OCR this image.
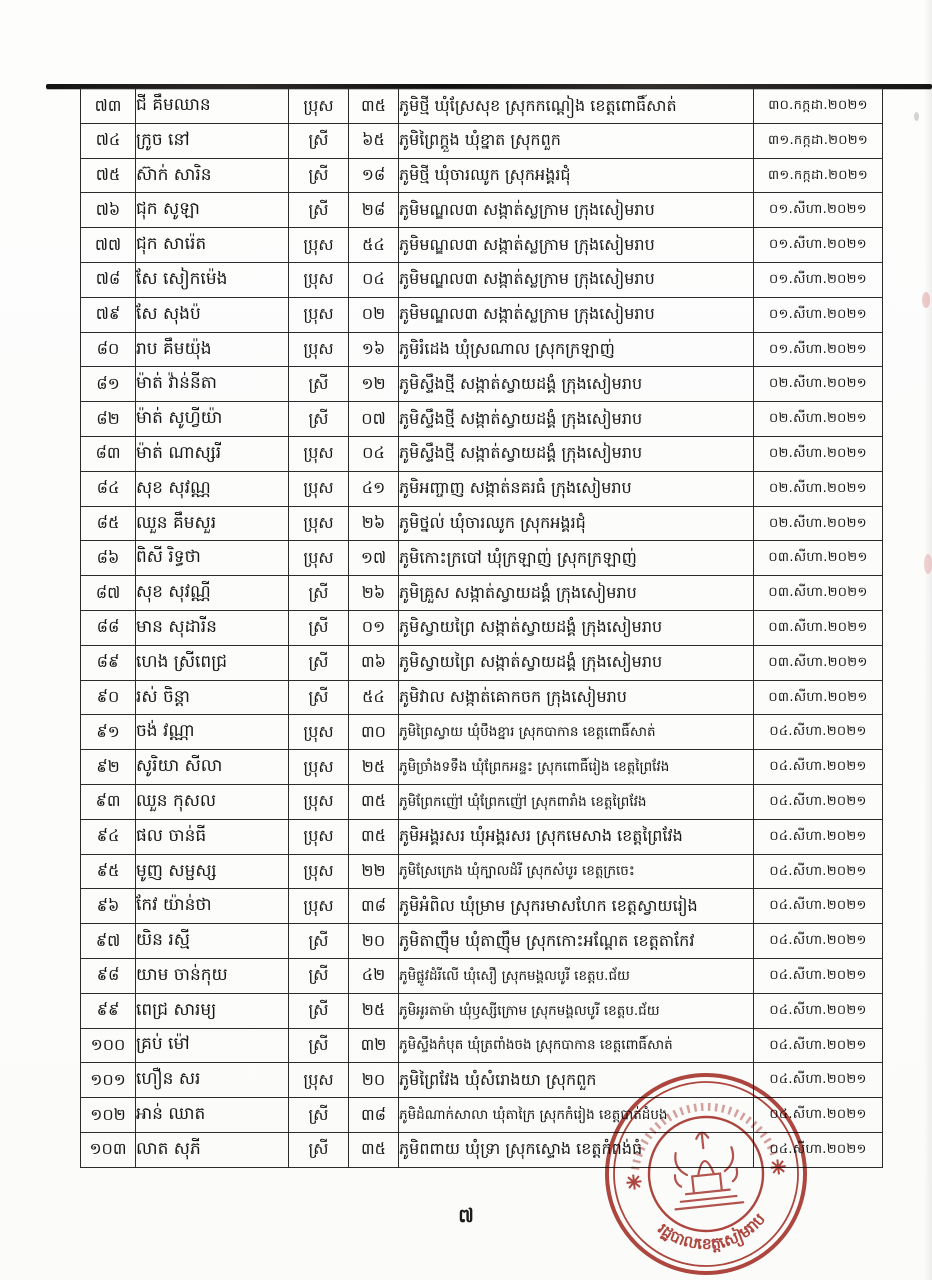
៧៣	ជី គឹមឈាន	ប្រុស	៣៥	ភូមិថ្មី ឃុំស្រែសុខ ស្រុកកណ្តៀង ខេត្តពោធិ៍សាត់	៣០.កក្កដា.២០២១
៧៤	ក្រូច នៅ	ស្រី	៦៥	ភូមិព្រៃក្តួង ឃុំខ្នាត ស្រុកពួក	៣១.កក្កដា.២០២១
៧៥	ស៊ាក់ សារិន	ស្រី	១៨	ភូមិថ្មី ឃុំចារឈូក ស្រុកអង្គរជុំ	៣១.កក្កដា.២០២១
៧៦	ជុក សូឡា	ស្រី	២៨	ភូមិមណ្ឌល៣ សង្កាត់ស្លក្រាម ក្រុងសៀមរាប	០១.សីហា.២០២១
៧៧	ជុក សារ៉េត	ប្រុស	៥៤	ភូមិមណ្ឌល៣ សង្កាត់ស្លក្រាម ក្រុងសៀមរាប	០១.សីហា.២០២១
៧៨	សែ សៀកម៉េង	ប្រុស	០៤	ភូមិមណ្ឌល៣ សង្កាត់ស្លក្រាម ក្រុងសៀមរាប	០១.សីហា.២០២១
៧៩	សែ សុងប៉	ប្រុស	០២	ភូមិមណ្ឌល៣ សង្កាត់ស្លក្រាម ក្រុងសៀមរាប	០១.សីហា.២០២១
៨០	រាប គឹមយ៉ុង	ប្រុស	១៦	ភូមិរំដេង ឃុំស្រណាល ស្រុកក្រឡាញ់	០១.សីហា.២០២១
៨១	ម៉ាត់ វ៉ាន់នីតា	ស្រី	១២	ភូមិស្ទឹងថ្មី សង្កាត់ស្វាយដង្គំ ក្រុងសៀមរាប	០២.សីហា.២០២១
៨២	ម៉ាត់ សូហ្វីយ៉ា	ស្រី	០៧	ភូមិស្ទឹងថ្មី សង្កាត់ស្វាយដង្គំ ក្រុងសៀមរាប	០២.សីហា.២០២១
៨៣	ម៉ាត់ ណាស្សរី	ប្រុស	០៤	ភូមិស្ទឹងថ្មី សង្កាត់ស្វាយដង្គំ ក្រុងសៀមរាប	០២.សីហា.២០២១
៨៤	សុខ សុវណ្ណ	ប្រុស	៤១	ភូមិអញ្ចាញ សង្កាត់នគរធំ ក្រុងសៀមរាប	០២.សីហា.២០២១
៨៥	ឈួន គឹមសួរ	ប្រុស	២៦	ភូមិថ្នល់ ឃុំចារឈូក ស្រុកអង្គរជុំ	០២.សីហា.២០២១
៨៦	ពិសី រិទ្ធថា	ប្រុស	១៧	ភូមិកោះក្របៅ ឃុំក្រឡាញ់ ស្រុកក្រឡាញ់	០៣.សីហា.២០២១
៨៧	សុខ សុវណ្ណី	ស្រី	២៦	ភូមិគ្រួស សង្កាត់ស្វាយដង្គំ ក្រុងសៀមរាប	០៣.សីហា.២០២១
៨៨	មាន សុដារីន	ស្រី	០១	ភូមិស្វាយព្រៃ សង្កាត់ស្វាយដង្គំ ក្រុងសៀមរាប	០៣.សីហា.២០២១
៨៩	ហេង ស្រីពេជ្រ	ស្រី	៣៦	ភូមិស្វាយព្រៃ សង្កាត់ស្វាយដង្គំ ក្រុងសៀមរាប	០៣.សីហា.២០២១
៩០	រស់ ចិន្តា	ស្រី	៥៤	ភូមិវាល សង្កាត់គោកចក ក្រុងសៀមរាប	០៣.សីហា.២០២១
៩១	ចង់ វណ្ណា	ប្រុស	៣០	ភូមិព្រៃស្វាយ ឃុំបឹងខ្នារ ស្រុកបាកាន ខេត្តពោធិ៍សាត់	០៤.សីហា.២០២១
៩២	សូរិយា សីលា	ប្រុស	២៥	ភូមិច្រាំងទទឹង ឃុំព្រែកអន្ទះ ស្រុកពោធិ៍រៀង ខេត្តព្រៃវែង	០៤.សីហា.២០២១
៩៣	ឈួន កុសល	ប្រុស	៣៥	ភូមិព្រែកញ៉ៅ ឃុំព្រែកញ៉ៅ ស្រុកពារាំង ខេត្តព្រៃវែង	០៤.សីហា.២០២១
៩៤	ផល ចាន់ធី	ប្រុស	៣៥	ភូមិអង្គរសរ ឃុំអង្គរសរ ស្រុកមេសាង ខេត្តព្រៃវែង	០៤.សីហា.២០២១
៩៥	មូញ សម្ផស្ស	ប្រុស	២២	ភូមិស្រែក្រេង ឃុំក្បាលដំរី ស្រុកសំបូរ ខេត្តក្រចេះ	០៤.សីហា.២០២១
៩៦	កែវ យ៉ាន់ថា	ប្រុស	៣៨	ភូមិអំពិល ឃុំម្រាម ស្រុករមាសហែក ខេត្តស្វាយរៀង	០៤.សីហា.២០២១
៩៧	យិន រស្មី	ស្រី	២០	ភូមិតាញ៉ឹម ឃុំតាញ៉ឹម ស្រុកកោះអណ្តែត ខេត្តតាកែវ	០៤.សីហា.២០២១
៩៨	យាម ចាន់កុយ	ស្រី	៤២	ភូមិផ្លូវដំរីលើ ឃុំសឿ ស្រុកមង្គលបូរី ខេត្តប.ជ័យ	០៤.សីហា.២០២១
៩៩	ពេជ្រ សារម្យ	ស្រី	២៥	ភូមិអូរតាម៉ា ឃុំឫស្សីក្រោម ស្រុកមង្គលបូរី ខេត្តប.ជ័យ	០៤.សីហា.២០២១
១០០	គ្រប់ ម៉ៅ	ស្រី	៣២	ភូមិស្ទឹងកំបុត ឃុំត្រពាំងចង ស្រុកបាកាន ខេត្តពោធិ៍សាត់	០៤.សីហា.២០២១
១០១	ហឿន សរ	ប្រុស	២០	ភូមិព្រៃវែង ឃុំសំរោងយា ស្រុកពួក	០៤.សីហា.២០២១
១០២	អាន់ ឈាត	ស្រី	៣៨	ភូមិដំណាក់សាលា ឃុំតាក្រៃ ស្រុកកំរៀង ខេត្តបាត់ដំបង	០៤.សីហា.២០២១
១០៣	លាត សុភី	ស្រី	៣៥	ភូមិពពាយ ឃុំទ្រា ស្រុកស្ទោង ខេត្តកំពង់ធំ	០៤.សីហា.២០២១
៧
រដ្ឋបាលខេត្តសៀមរាប
